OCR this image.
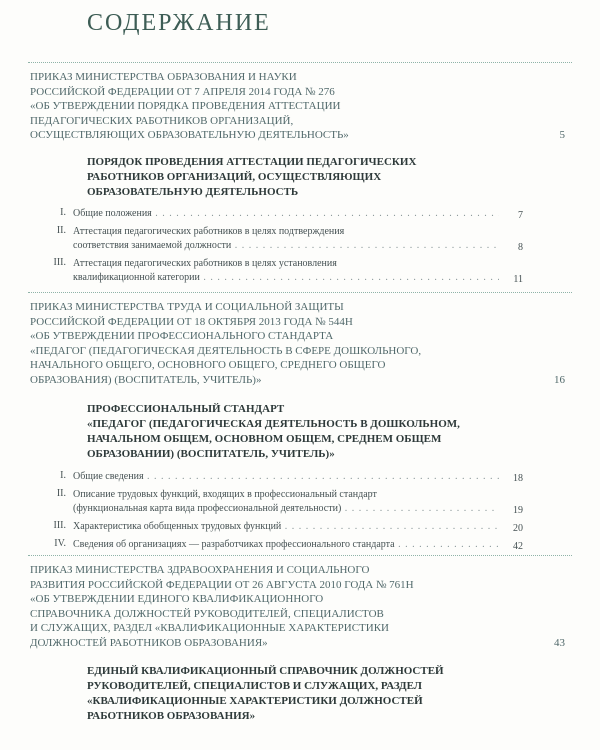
СОДЕРЖАНИЕ
ПРИКАЗ МИНИСТЕРСТВА ОБРАЗОВАНИЯ И НАУКИ
РОССИЙСКОЙ ФЕДЕРАЦИИ ОТ 7 АПРЕЛЯ 2014 ГОДА № 276
«ОБ УТВЕРЖДЕНИИ ПОРЯДКА ПРОВЕДЕНИЯ АТТЕСТАЦИИ
ПЕДАГОГИЧЕСКИХ РАБОТНИКОВ ОРГАНИЗАЦИЙ,
ОСУЩЕСТВЛЯЮЩИХ ОБРАЗОВАТЕЛЬНУЮ ДЕЯТЕЛЬНОСТЬ»	5
ПОРЯДОК ПРОВЕДЕНИЯ АТТЕСТАЦИИ ПЕДАГОГИЧЕСКИХ
РАБОТНИКОВ ОРГАНИЗАЦИЙ, ОСУЩЕСТВЛЯЮЩИХ
ОБРАЗОВАТЕЛЬНУЮ ДЕЯТЕЛЬНОСТЬ
I. Общие положения . . .	7
II. Аттестация педагогических работников в целях подтверждения
соответствия занимаемой должности . . .	8
III. Аттестация педагогических работников в целях установления
квалификационной категории . . .	11
ПРИКАЗ МИНИСТЕРСТВА ТРУДА И СОЦИАЛЬНОЙ ЗАЩИТЫ
РОССИЙСКОЙ ФЕДЕРАЦИИ ОТ 18 ОКТЯБРЯ 2013 ГОДА № 544Н
«ОБ УТВЕРЖДЕНИИ ПРОФЕССИОНАЛЬНОГО СТАНДАРТА
«ПЕДАГОГ (ПЕДАГОГИЧЕСКАЯ ДЕЯТЕЛЬНОСТЬ В СФЕРЕ ДОШКОЛЬНОГО,
НАЧАЛЬНОГО ОБЩЕГО, ОСНОВНОГО ОБЩЕГО, СРЕДНЕГО ОБЩЕГО
ОБРАЗОВАНИЯ) (ВОСПИТАТЕЛЬ, УЧИТЕЛЬ)»	16
ПРОФЕССИОНАЛЬНЫЙ СТАНДАРТ
«ПЕДАГОГ (ПЕДАГОГИЧЕСКАЯ ДЕЯТЕЛЬНОСТЬ В ДОШКОЛЬНОМ,
НАЧАЛЬНОМ ОБЩЕМ, ОСНОВНОМ ОБЩЕМ, СРЕДНЕМ ОБЩЕМ
ОБРАЗОВАНИИ) (ВОСПИТАТЕЛЬ, УЧИТЕЛЬ)»
I. Общие сведения . . .	18
II. Описание трудовых функций, входящих в профессиональный стандарт
(функциональная карта вида профессиональной деятельности) . . .	19
III. Характеристика обобщенных трудовых функций . . .	20
IV. Сведения об организациях — разработчиках профессионального стандарта . . .	42
ПРИКАЗ МИНИСТЕРСТВА ЗДРАВООХРАНЕНИЯ И СОЦИАЛЬНОГО
РАЗВИТИЯ РОССИЙСКОЙ ФЕДЕРАЦИИ ОТ 26 АВГУСТА 2010 ГОДА № 761Н
«ОБ УТВЕРЖДЕНИИ ЕДИНОГО КВАЛИФИКАЦИОННОГО
СПРАВОЧНИКА ДОЛЖНОСТЕЙ РУКОВОДИТЕЛЕЙ, СПЕЦИАЛИСТОВ
И СЛУЖАЩИХ, РАЗДЕЛ «КВАЛИФИКАЦИОННЫЕ ХАРАКТЕРИСТИКИ
ДОЛЖНОСТЕЙ РАБОТНИКОВ ОБРАЗОВАНИЯ»	43
ЕДИНЫЙ КВАЛИФИКАЦИОННЫЙ СПРАВОЧНИК ДОЛЖНОСТЕЙ
РУКОВОДИТЕЛЕЙ, СПЕЦИАЛИСТОВ И СЛУЖАЩИХ, РАЗДЕЛ
«КВАЛИФИКАЦИОННЫЕ ХАРАКТЕРИСТИКИ ДОЛЖНОСТЕЙ
РАБОТНИКОВ ОБРАЗОВАНИЯ»
